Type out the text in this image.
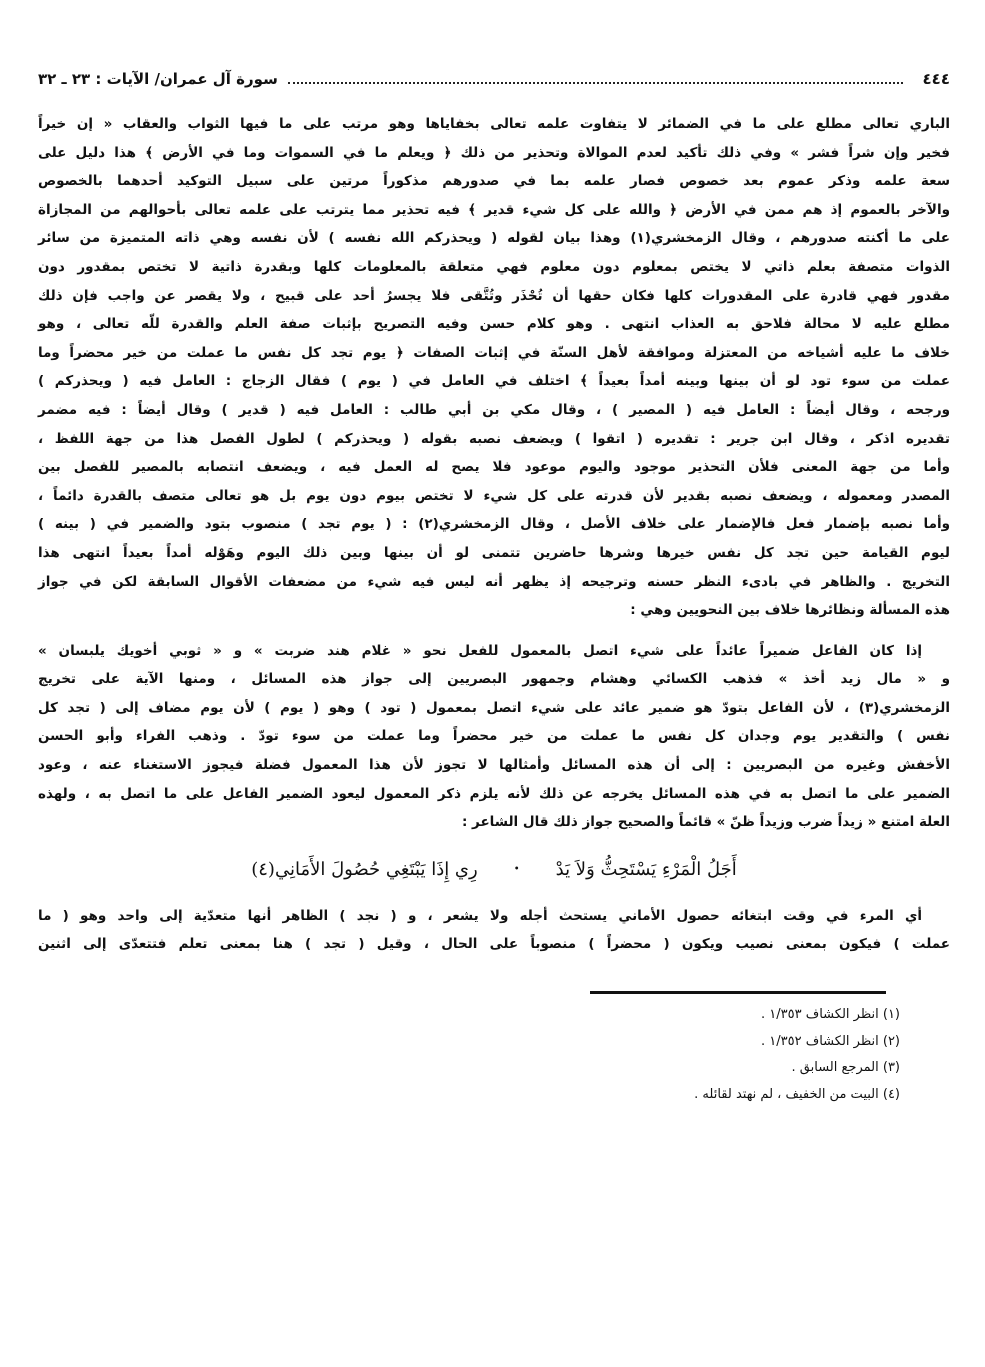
٤٤٤
سورة آل عمران/ الآيات : ٢٣ ـ ٣٢
الباري تعالى مطلع على ما في الضمائر لا يتفاوت علمه تعالى بخفاياها وهو مرتب على ما فيها الثواب والعقاب « إن خيراً
فخير وإن شراً فشر » وفي ذلك تأكيد لعدم الموالاة وتحذير من ذلك ﴿ ويعلم ما في السموات وما في الأرض ﴾ هذا دليل على
سعة علمه وذكر عموم بعد خصوص فصار علمه بما في صدورهم مذكوراً مرتين على سبيل التوكيد أحدهما بالخصوص
والآخر بالعموم إذ هم ممن في الأرض ﴿ والله على كل شيء قدير ﴾ فيه تحذير مما يترتب على علمه تعالى بأحوالهم من المجازاة
على ما أكنته صدورهم ، وقال الزمخشري(١) وهذا بيان لقوله ( ويحذركم الله نفسه ) لأن نفسه وهي ذاته المتميزة من سائر
الذوات متصفة بعلم ذاتي لا يختص بمعلوم دون معلوم فهي متعلقة بالمعلومات كلها وبقدرة ذاتية لا تختص بمقدور دون
مقدور فهي قادرة على المقدورات كلها فكان حقها أن تُحْذَر وتُتَّقى فلا يجسرُ أحد على قبيح ، ولا يقصر عن واجب فإن ذلك
مطلع عليه لا محالة فلاحق به العذاب انتهى . وهو كلام حسن وفيه التصريح بإثبات صفة العلم والقدرة للّه تعالى ، وهو
خلاف ما عليه أشياخه من المعتزلة وموافقة لأهل السنّة في إثبات الصفات ﴿ يوم تجد كل نفس ما عملت من خير محضراً وما
عملت من سوء تود لو أن بينها وبينه أمداً بعيداً ﴾ اختلف في العامل في ( يوم ) فقال الزجاج : العامل فيه ( ويحذركم )
ورجحه ، وقال أيضاً : العامل فيه ( المصير ) ، وقال مكي بن أبي طالب : العامل فيه ( قدير ) وقال أيضاً : فيه مضمر
تقديره اذكر ، وقال ابن جرير : تقديره ( اتقوا ) ويضعف نصبه بقوله ( ويحذركم ) لطول الفصل هذا من جهة اللفظ ،
وأما من جهة المعنى فلأن التحذير موجود واليوم موعود فلا يصح له العمل فيه ، ويضعف انتصابه بالمصير للفصل بين
المصدر ومعموله ، ويضعف نصبه بقدير لأن قدرته على كل شيء لا تختص بيوم دون يوم بل هو تعالى متصف بالقدرة دائماً ،
وأما نصبه بإضمار فعل فالإضمار على خلاف الأصل ، وقال الزمخشري(٢) : ( يوم تجد ) منصوب بتود والضمير في ( بينه )
ليوم القيامة حين تجد كل نفس خيرها وشرها حاضرين تتمنى لو أن بينها وبين ذلك اليوم وهَوْله أمداً بعيداً انتهى هذا
التخريج . والظاهر في بادىء النظر حسنه وترجيحه إذ يظهر أنه ليس فيه شيء من مضعفات الأقوال السابقة لكن في جواز
هذه المسألة ونظائرها خلاف بين النحويين وهي :
إذا كان الفاعل ضميراً عائداً على شيء اتصل بالمعمول للفعل نحو « غلام هند ضربت » و « ثوبي أخويك يلبسان »
و « مال زيد أخذ » فذهب الكسائي وهشام وجمهور البصريين إلى جواز هذه المسائل ، ومنها الآية على تخريج
الزمخشري(٣) ، لأن الفاعل بتودّ هو ضمير عائد على شيء اتصل بمعمول ( تود ) وهو ( يوم ) لأن يوم مضاف إلى ( تجد كل
نفس ) والتقدير يوم وجدان كل نفس ما عملت من خير محضراً وما عملت من سوء تودّ . وذهب الفراء وأبو الحسن
الأخفش وغيره من البصريين : إلى أن هذه المسائل وأمثالها لا تجوز لأن هذا المعمول فضلة فيجوز الاستغناء عنه ، وعود
الضمير على ما اتصل به في هذه المسائل يخرجه عن ذلك لأنه يلزم ذكر المعمول ليعود الضمير الفاعل على ما اتصل به ، ولهذه
العلة امتنع « زيداً ضرب وزيداً ظنّ » قائماً والصحيح جواز ذلك قال الشاعر :
أَجَلُ الْمَرْءِ يَسْتَحِثُّ وَلاَ يَدْ
•
رِي إِذَا يَبْتَغِي حُصُولَ الأَمَانِي(٤)
أي المرء في وقت ابتغائه حصول الأماني يستحث أجله ولا يشعر ، و ( نجد ) الظاهر أنها متعدّية إلى واحد وهو ( ما
عملت ) فيكون بمعنى نصيب ويكون ( محضراً ) منصوباً على الحال ، وقيل ( تجد ) هنا بمعنى تعلم فتتعدّى إلى اثنين
(١) انظر الكشاف ١/٣٥٣ .
(٢) انظر الكشاف ١/٣٥٢ .
(٣) المرجع السابق .
(٤) البيت من الخفيف ، لم نهتد لقائله .
